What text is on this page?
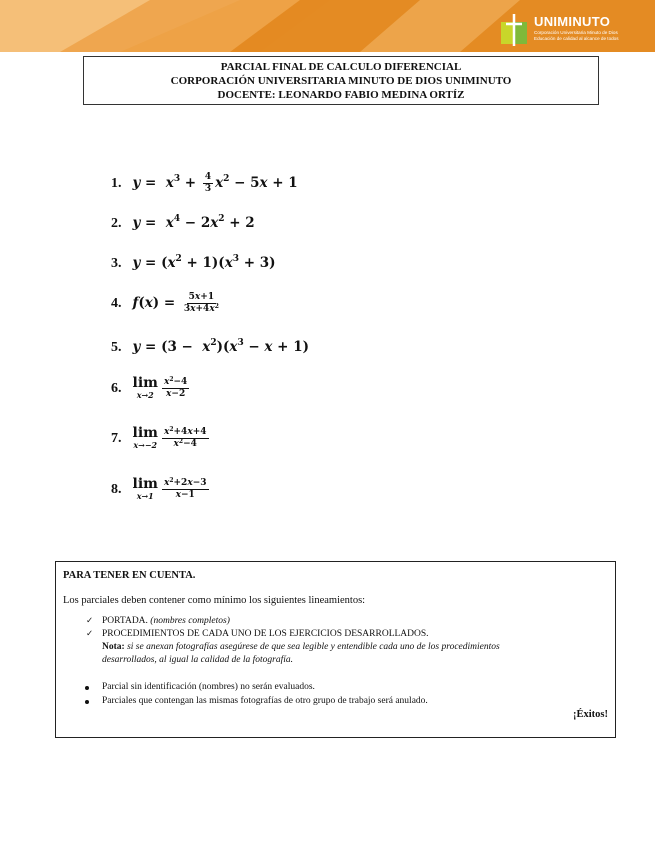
UNIMINUTO
Corporación Universitaria Minuto de Dios
Educación de calidad al alcance de todos
PARCIAL FINAL DE CALCULO DIFERENCIAL
CORPORACIÓN UNIVERSITARIA MINUTO DE DIOS UNIMINUTO
DOCENTE: LEONARDO FABIO MEDINA ORTÍZ
1. $y = x^3 + \frac{4}{3} x^2 - 5x + 1$
2. $y = x^4 - 2x^2 + 2$
3. $y = (x^2 + 1)(x^3 + 3)$
4. $f(x) = \frac{5x+1}{3x+4x^2}$
5. $y = (3 - x^2)(x^3 - x + 1)$
6. lim
$x\to 2 \frac{x^2-4}{x-2}$
7. lim
$x\to-2 \frac{x^2+4x+4}{x^2-4}$
8. lim
$x\to 1 \frac{x^2+2x-3}{x-1}$
PARA TENER EN CUENTA.
Los parciales deben contener como mínimo los siguientes lineamientos:
✓ PORTADA. (nombres completos)
✓ PROCEDIMIENTOS DE CADA UNO DE LOS EJERCICIOS DESARROLLADOS.
Nota: si se anexan fotografías asegúrese de que sea legible y entendible cada uno de los procedimientos
desarrollados, al igual la calidad de la fotografía.
Parcial sin identificación (nombres) no serán evaluados.
Parciales que contengan las mismas fotografías de otro grupo de trabajo será anulado.
¡Éxitos!
